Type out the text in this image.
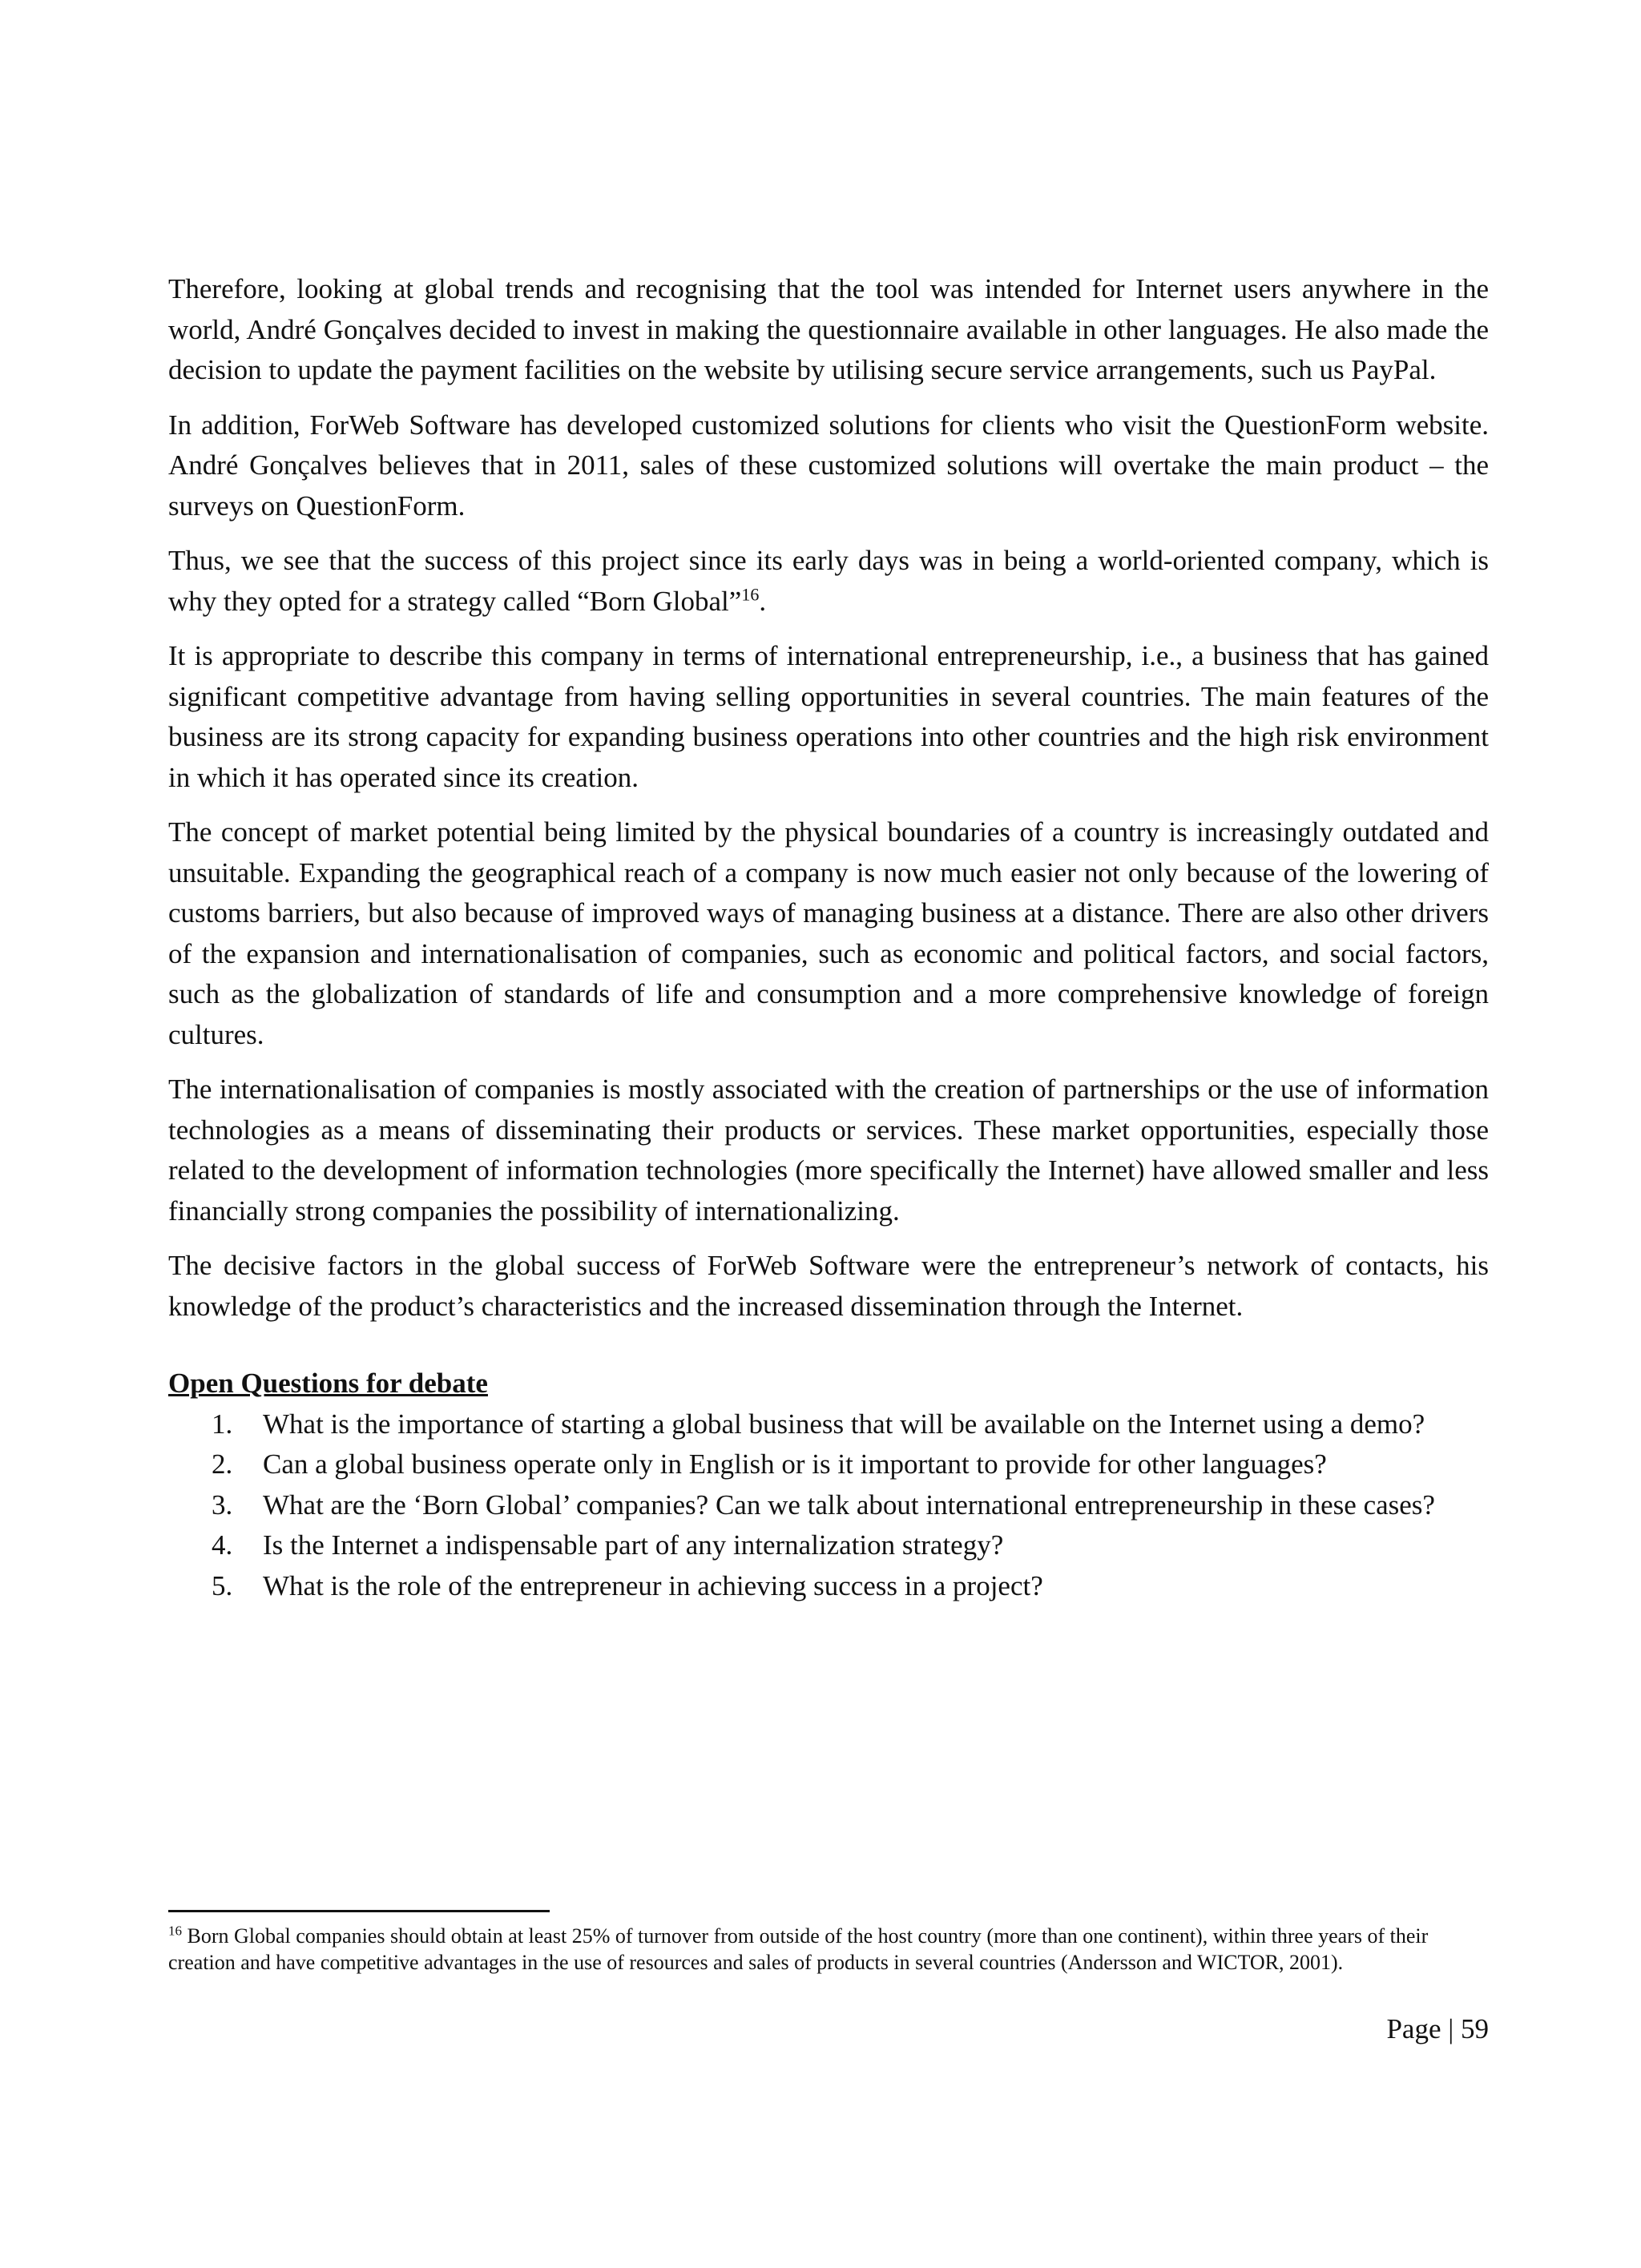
Therefore, looking at global trends and recognising that the tool was intended for Internet users anywhere in the world, André Gonçalves decided to invest in making the questionnaire available in other languages. He also made the decision to update the payment facilities on the website by utilising secure service arrangements, such us PayPal.

In addition, ForWeb Software has developed customized solutions for clients who visit the QuestionForm website. André Gonçalves believes that in 2011, sales of these customized solutions will overtake the main product – the surveys on QuestionForm.

Thus, we see that the success of this project since its early days was in being a world-oriented company, which is why they opted for a strategy called “Born Global”$^{16}$.

It is appropriate to describe this company in terms of international entrepreneurship, i.e., a business that has gained significant competitive advantage from having selling opportunities in several countries. The main features of the business are its strong capacity for expanding business operations into other countries and the high risk environment in which it has operated since its creation.

The concept of market potential being limited by the physical boundaries of a country is increasingly outdated and unsuitable. Expanding the geographical reach of a company is now much easier not only because of the lowering of customs barriers, but also because of improved ways of managing business at a distance. There are also other drivers of the expansion and internationalisation of companies, such as economic and political factors, and social factors, such as the globalization of standards of life and consumption and a more comprehensive knowledge of foreign cultures.

The internationalisation of companies is mostly associated with the creation of partnerships or the use of information technologies as a means of disseminating their products or services. These market opportunities, especially those related to the development of information technologies (more specifically the Internet) have allowed smaller and less financially strong companies the possibility of internationalizing.

The decisive factors in the global success of ForWeb Software were the entrepreneur’s network of contacts, his knowledge of the product’s characteristics and the increased dissemination through the Internet.

Open Questions for debate
1. What is the importance of starting a global business that will be available on the Internet using a demo?
2. Can a global business operate only in English or is it important to provide for other languages?
3. What are the ‘Born Global’ companies? Can we talk about international entrepreneurship in these cases?
4. Is the Internet a indispensable part of any internalization strategy?
5. What is the role of the entrepreneur in achieving success in a project?
$^{16}$ Born Global companies should obtain at least 25% of turnover from outside of the host country (more than one continent), within three years of their creation and have competitive advantages in the use of resources and sales of products in several countries (Andersson and WICTOR, 2001).
Page | 59
